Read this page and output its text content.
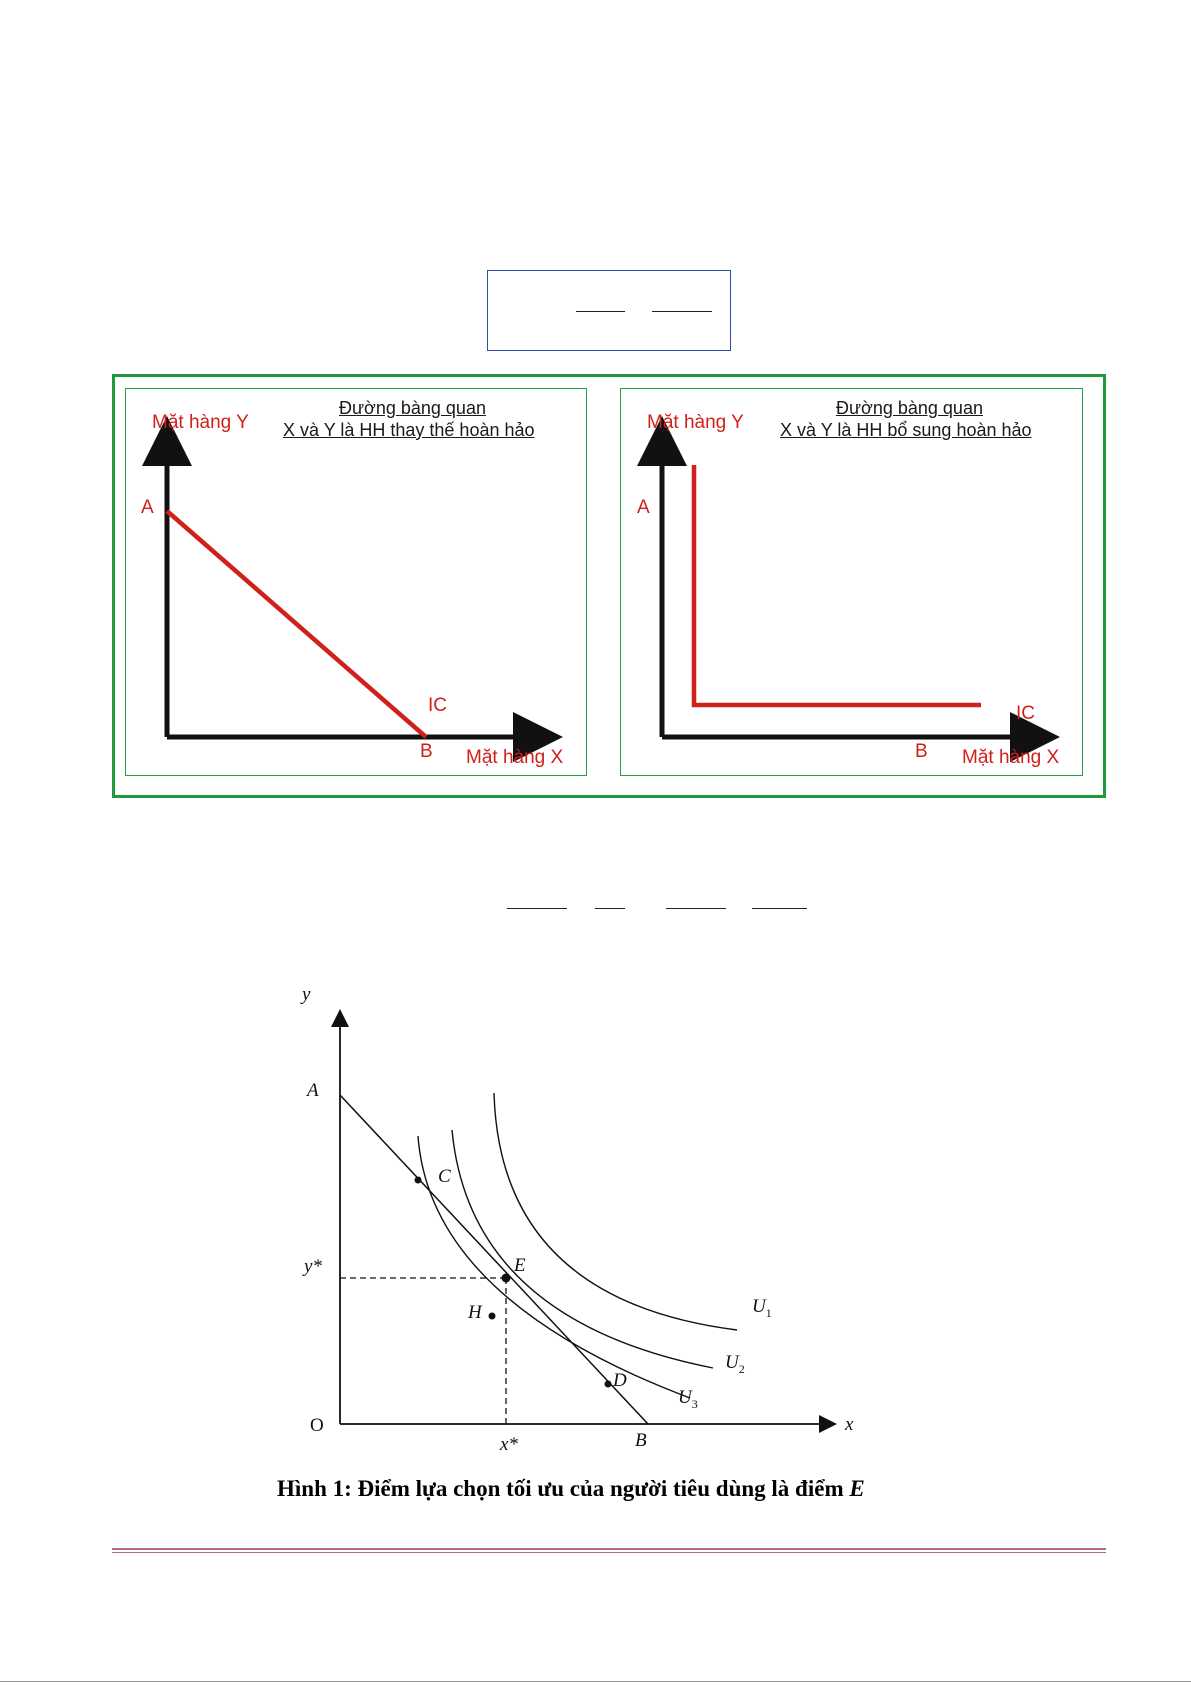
Đường bàng quan
X và Y là HH thay thế hoàn hảo
Mặt hàng Y
Mặt hàng X
A
B
IC
Đường bàng quan
X và Y là HH bổ sung hoàn hảo
Mặt hàng Y
Mặt hàng X
A
B
IC
y
x
O
A
B
C
E
H
D
y*
x*
$U_1$
$U_2$
$U_3$
Hình 1: Điểm lựa chọn tối ưu của người tiêu dùng là điểm E
